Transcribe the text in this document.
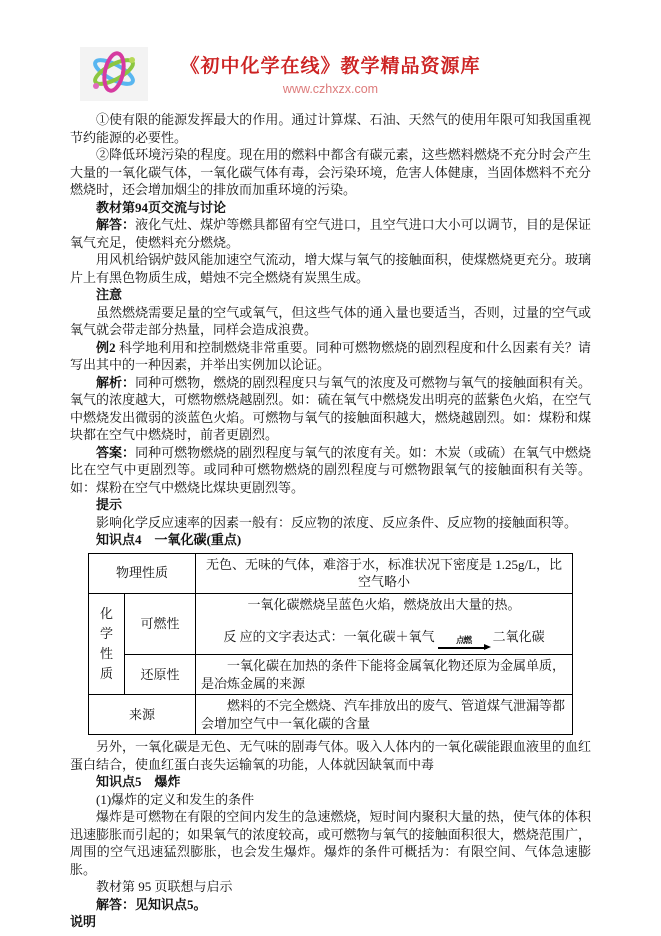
《初中化学在线》教学精品资源库
www.czhxzx.com
①使有限的能源发挥最大的作用。通过计算煤、石油、天然气的使用年限可知我国重视节约能源的必要性。
②降低环境污染的程度。现在用的燃料中都含有碳元素，这些燃料燃烧不充分时会产生大量的一氧化碳气体，一氧化碳气体有毒，会污染环境，危害人体健康，当固体燃料不充分燃烧时，还会增加烟尘的排放而加重环境的污染。
教材第94页交流与讨论
解答：液化气灶、煤炉等燃具都留有空气进口，且空气进口大小可以调节，目的是保证氧气充足，使燃料充分燃烧。
用风机给锅炉鼓风能加速空气流动，增大煤与氧气的接触面积，使煤燃烧更充分。玻璃片上有黑色物质生成，蜡烛不完全燃烧有炭黑生成。
注意
虽然燃烧需要足量的空气或氧气，但这些气体的通入量也要适当，否则，过量的空气或氧气就会带走部分热量，同样会造成浪费。
例2 科学地利用和控制燃烧非常重要。同种可燃物燃烧的剧烈程度和什么因素有关？请写出其中的一种因素，并举出实例加以论证。
解析：同种可燃物，燃烧的剧烈程度只与氧气的浓度及可燃物与氧气的接触面积有关。氧气的浓度越大，可燃物燃烧越剧烈。如：硫在氧气中燃烧发出明亮的蓝紫色火焰，在空气中燃烧发出微弱的淡蓝色火焰。可燃物与氧气的接触面积越大，燃烧越剧烈。如：煤粉和煤块都在空气中燃烧时，前者更剧烈。
答案：同种可燃物燃烧的剧烈程度与氧气的浓度有关。如：木炭（或硫）在氧气中燃烧比在空气中更剧烈等。或同种可燃物燃烧的剧烈程度与可燃物跟氧气的接触面积有关等。如：煤粉在空气中燃烧比煤块更剧烈等。
提示
影响化学反应速率的因素一般有：反应物的浓度、反应条件、反应物的接触面积等。
知识点4　一氧化碳(重点)
物理性质		无色、无味的气体，难溶于水，标准状况下密度是 1.25g/L，比空气略小
化学性质	可燃性	一氧化碳燃烧呈蓝色火焰，燃烧放出大量的热。
反 应的文字表达式：一氧化碳＋氧气 点燃 二氧化碳

	还原性	一氧化碳在加热的条件下能将金属氧化物还原为金属单质，是冶炼金属的来源
来源		燃料的不完全燃烧、汽车排放出的废气、管道煤气泄漏等都会增加空气中一氧化碳的含量
另外，一氧化碳是无色、无气味的剧毒气体。吸入人体内的一氧化碳能跟血液里的血红蛋白结合，使血红蛋白丧失运输氧的功能，人体就因缺氧而中毒
知识点5　爆炸
(1)爆炸的定义和发生的条件
爆炸是可燃物在有限的空间内发生的急速燃烧，短时间内聚积大量的热，使气体的体积迅速膨胀而引起的；如果氧气的浓度较高，或可燃物与氧气的接触面积很大，燃烧范围广，周围的空气迅速猛烈膨胀，也会发生爆炸。爆炸的条件可概括为：有限空间、气体急速膨胀。
教材第 95 页联想与启示
解答：见知识点5。
说明
